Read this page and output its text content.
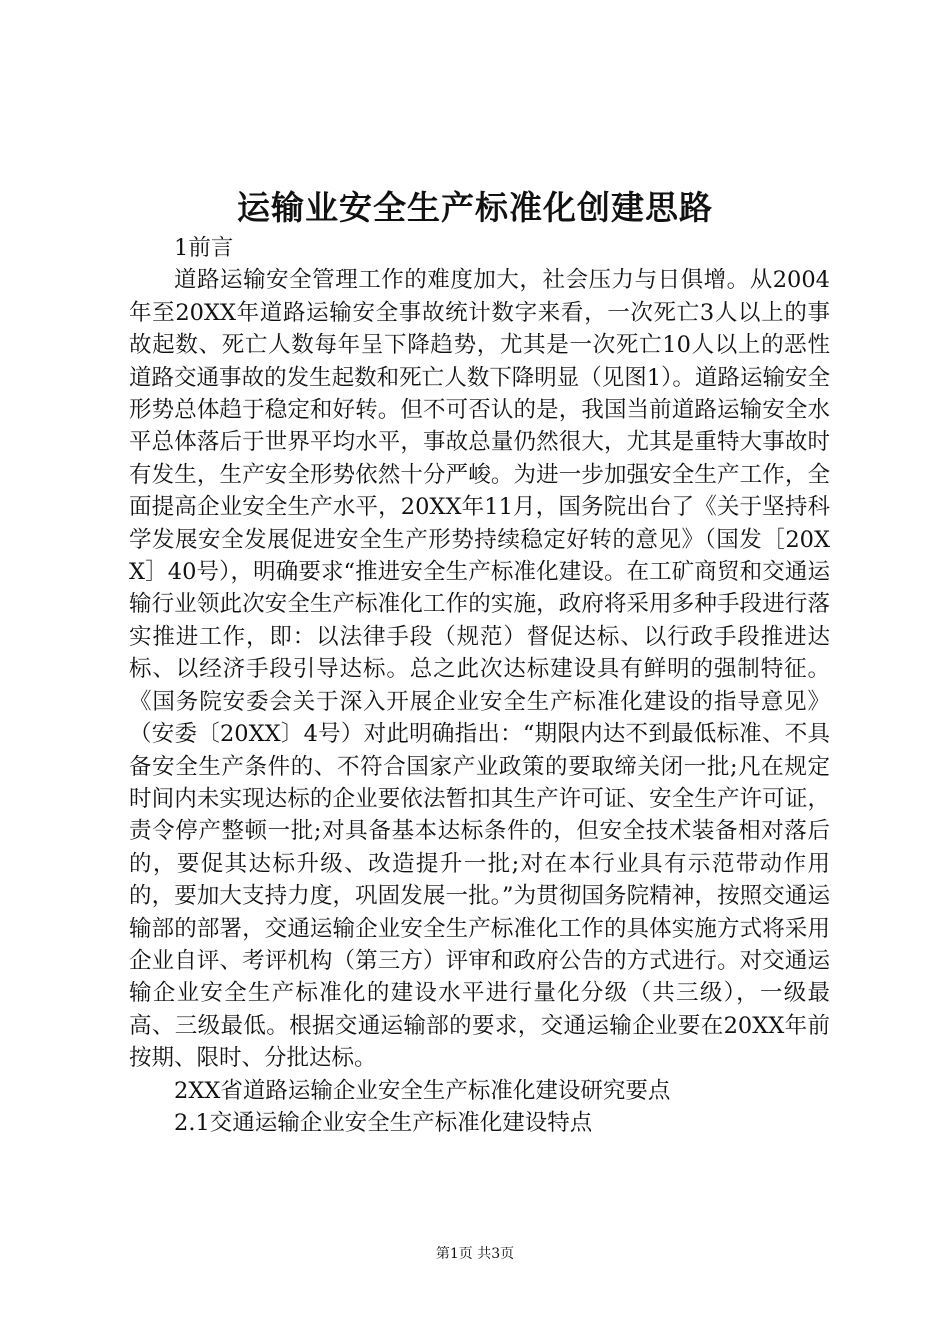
运输业安全生产标准化创建思路

1前言

道路运输安全管理工作的难度加大，社会压力与日俱增。从2004年至20XX年道路运输安全事故统计数字来看，一次死亡3人以上的事故起数、死亡人数每年呈下降趋势，尤其是一次死亡10人以上的恶性道路交通事故的发生起数和死亡人数下降明显（见图1）。道路运输安全形势总体趋于稳定和好转。但不可否认的是，我国当前道路运输安全水平总体落后于世界平均水平，事故总量仍然很大，尤其是重特大事故时有发生，生产安全形势依然十分严峻。为进一步加强安全生产工作，全面提高企业安全生产水平，20XX年11月，国务院出台了《关于坚持科学发展安全发展促进安全生产形势持续稳定好转的意见》（国发［20XX］40号），明确要求“推进安全生产标准化建设。在工矿商贸和交通运输行业领此次安全生产标准化工作的实施，政府将采用多种手段进行落实推进工作，即：以法律手段（规范）督促达标、以行政手段推进达标、以经济手段引导达标。总之此次达标建设具有鲜明的强制特征。《国务院安委会关于深入开展企业安全生产标准化建设的指导意见》（安委〔20XX〕4号）对此明确指出：“期限内达不到最低标准、不具备安全生产条件的、不符合国家产业政策的要取缔关闭一批;凡在规定时间内未实现达标的企业要依法暂扣其生产许可证、安全生产许可证，责令停产整顿一批;对具备基本达标条件的，但安全技术装备相对落后的，要促其达标升级、改造提升一批;对在本行业具有示范带动作用的，要加大支持力度，巩固发展一批。”为贯彻国务院精神，按照交通运输部的部署，交通运输企业安全生产标准化工作的具体实施方式将采用企业自评、考评机构（第三方）评审和政府公告的方式进行。对交通运输企业安全生产标准化的建设水平进行量化分级（共三级），一级最高、三级最低。根据交通运输部的要求，交通运输企业要在20XX年前按期、限时、分批达标。

2XX省道路运输企业安全生产标准化建设研究要点

2.1交通运输企业安全生产标准化建设特点

第1页 共3页
